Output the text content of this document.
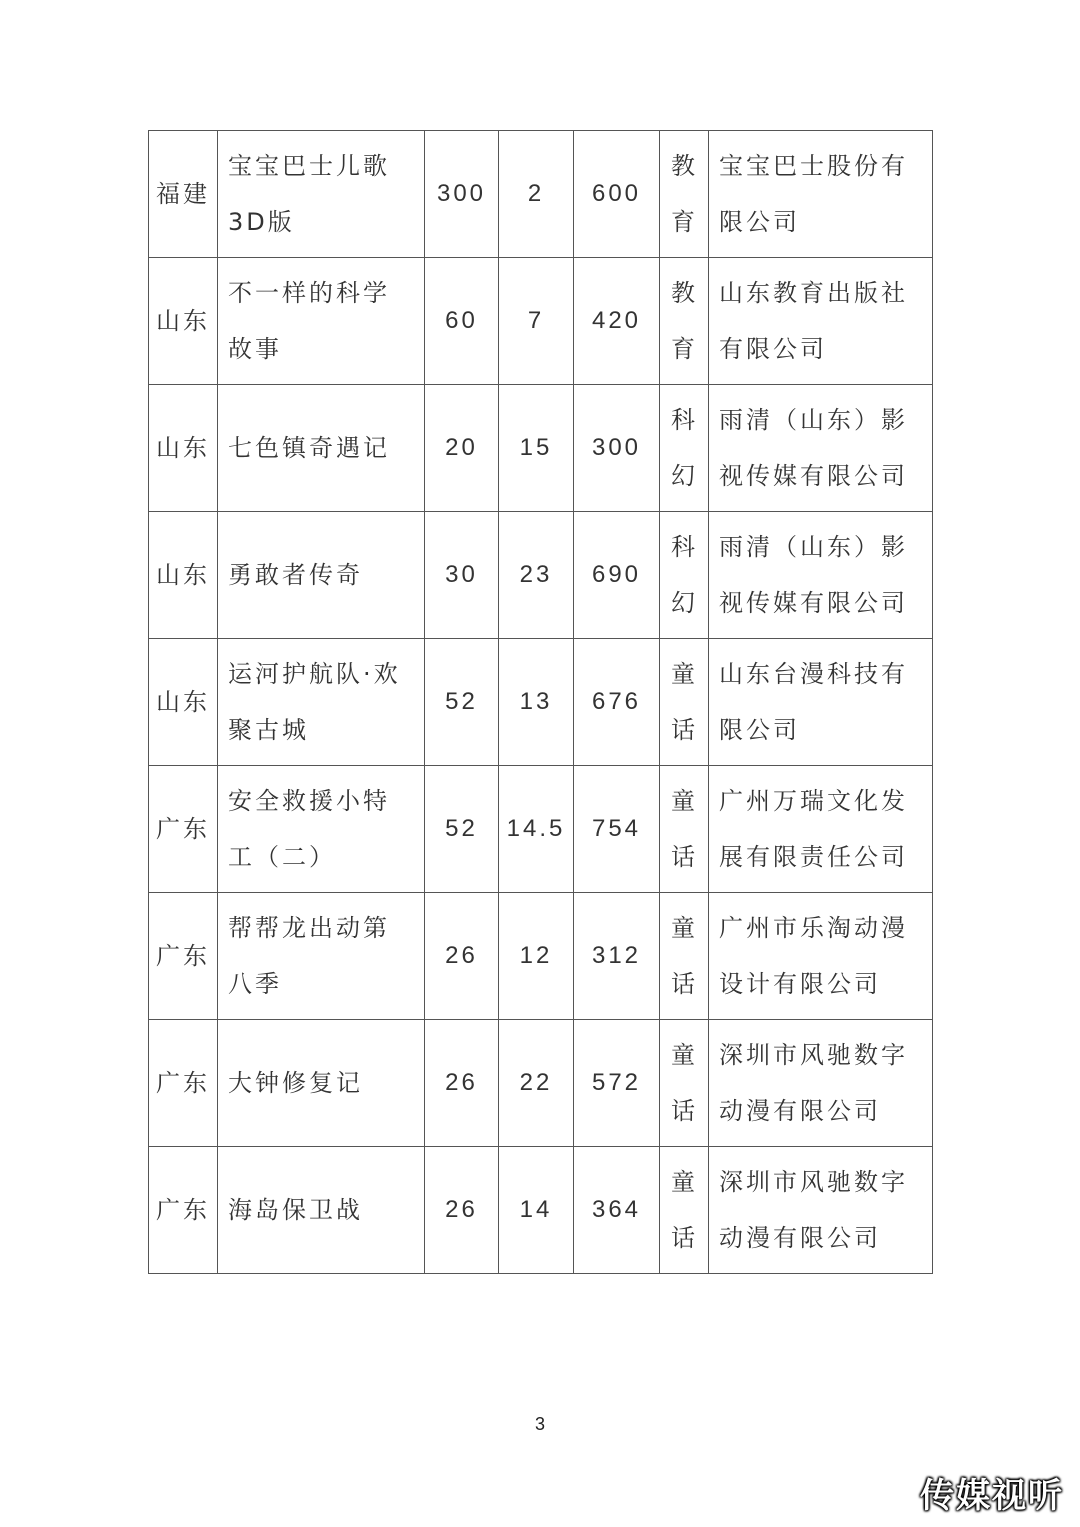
福建	宝宝巴士儿歌3D版	300	2	600	教育	宝宝巴士股份有限公司
山东	不一样的科学故事	60	7	420	教育	山东教育出版社有限公司
山东	七色镇奇遇记	20	15	300	科幻	雨清（山东）影视传媒有限公司
山东	勇敢者传奇	30	23	690	科幻	雨清（山东）影视传媒有限公司
山东	运河护航队·欢聚古城	52	13	676	童话	山东台漫科技有限公司
广东	安全救援小特工（二）	52	14.5	754	童话	广州万瑞文化发展有限责任公司
广东	帮帮龙出动第八季	26	12	312	童话	广州市乐淘动漫设计有限公司
广东	大钟修复记	26	22	572	童话	深圳市风驰数字动漫有限公司
广东	海岛保卫战	26	14	364	童话	深圳市风驰数字动漫有限公司
3
传媒视听
